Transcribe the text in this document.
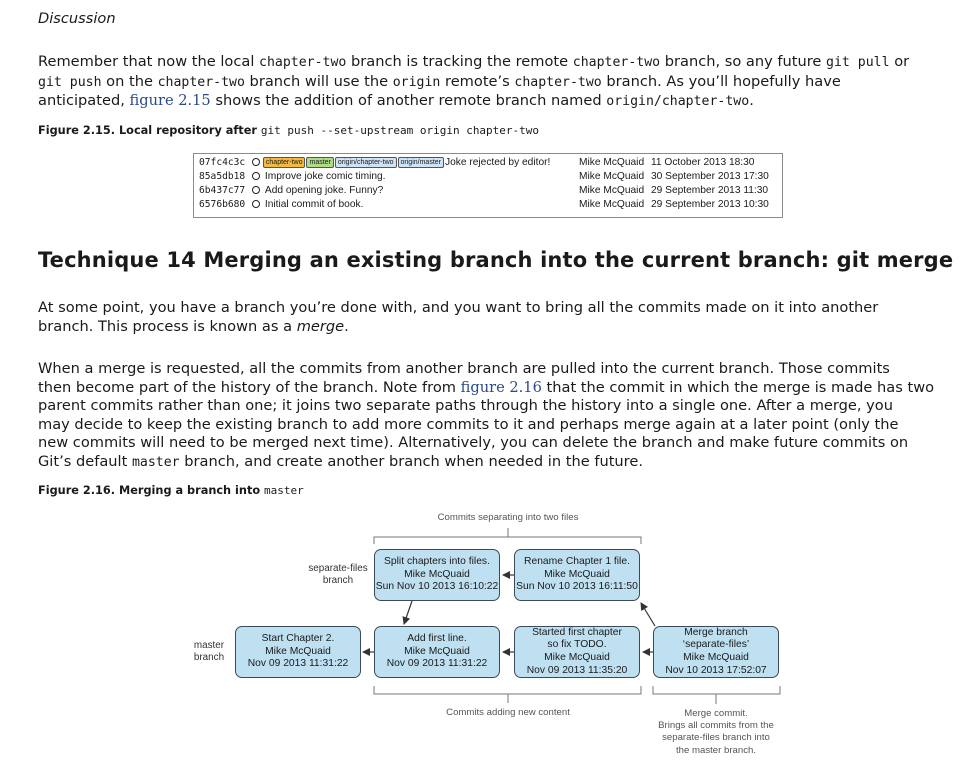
Discussion
Remember that now the local chapter-two branch is tracking the remote chapter-two branch, so any future git pull or
git push on the chapter-two branch will use the origin remote’s chapter-two branch. As you’ll hopefully have
anticipated, figure 2.15 shows the addition of another remote branch named origin/chapter-two.
Figure 2.15. Local repository after git push --set-upstream origin chapter-two
07fc4c3c	chapter-two master origin/chapter-two origin/master Joke rejected by editor!
85a5db18 Improve joke comic timing.
6b437c77 Add opening joke. Funny?
6576b680 Initial commit of book.
Mike McQuaid
Mike McQuaid
Mike McQuaid
Mike McQuaid
11 October 2013 18:30
30 September 2013 17:30
29 September 2013 11:30
29 September 2013 10:30
Technique 14 Merging an existing branch into the current branch: git merge
At some point, you have a branch you’re done with, and you want to bring all the commits made on it into another
branch. This process is known as a merge.
When a merge is requested, all the commits from another branch are pulled into the current branch. Those commits
then become part of the history of the branch. Note from figure 2.16 that the commit in which the merge is made has two
parent commits rather than one; it joins two separate paths through the history into a single one. After a merge, you
may decide to keep the existing branch to add more commits to it and perhaps merge again at a later point (only the
new commits will need to be merged next time). Alternatively, you can delete the branch and make future commits on
Git’s default master branch, and create another branch when needed in the future.
Figure 2.16. Merging a branch into master
Commits separating into two files
separate-files
branch
master
branch
Commits adding new content	Merge commit.
Brings all commits from the
separate-files branch into
the master branch.
Split chapters into files.
Mike McQuaid
Sun Nov 10 2013 16:10:22
Rename Chapter 1 file.
Mike McQuaid
Sun Nov 10 2013 16:11:50
Start Chapter 2.
Mike McQuaid
Nov 09 2013 11:31:22
Add first line.
Mike McQuaid
Nov 09 2013 11:31:22
Started first chapter
so fix TODO.
Mike McQuaid
Nov 09 2013 11:35:20
Merge branch
‘separate-files’
Mike McQuaid
Nov 10 2013 17:52:07
